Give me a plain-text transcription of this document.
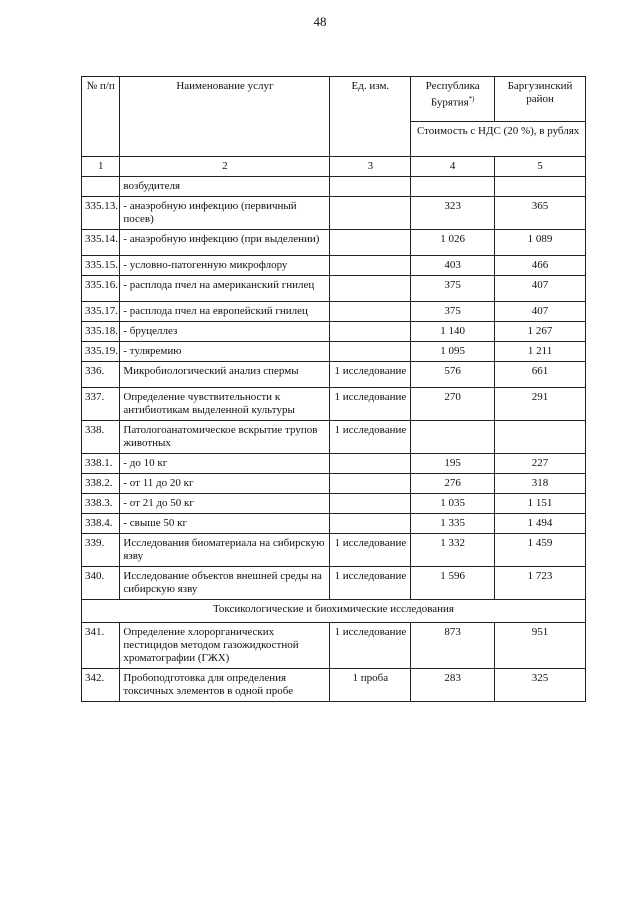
48
№ п/п	Наименование услуг	Ед. изм.	Республика Бурятия*)	Баргузинский район
			Стоимость с НДС (20 %), в рублях	
1	2	3	4	5
	возбудителя			
335.13.	- анаэробную инфекцию (первичный посев)		323	365
335.14.	- анаэробную инфекцию (при выделении)		1 026	1 089
335.15.	- условно-патогенную микрофлору		403	466
335.16.	- расплода пчел на американский гнилец		375	407
335.17.	- расплода пчел на европейский гнилец		375	407
335.18.	- бруцеллез		1 140	1 267
335.19.	- туляремию		1 095	1 211
336.	Микробиологический анализ спермы	1 исследование	576	661
337.	Определение чувствительности к антибиотикам выделенной культуры	1 исследование	270	291
338.	Патологоанатомическое вскрытие трупов животных	1 исследование		
338.1.	- до 10 кг		195	227
338.2.	- от 11 до 20 кг		276	318
338.3.	- от 21 до 50 кг		1 035	1 151
338.4.	- свыше 50 кг		1 335	1 494
339.	Исследования биоматериала на сибирскую язву	1 исследование	1 332	1 459
340.	Исследование объектов внешней среды на сибирскую язву	1 исследование	1 596	1 723
Токсикологические и биохимические исследования				
341.	Определение хлорорганических пестицидов методом газожидкостной хроматографии (ГЖХ)	1 исследование	873	951
342.	Пробоподготовка для определения токсичных элементов в одной пробе	1 проба	283	325
